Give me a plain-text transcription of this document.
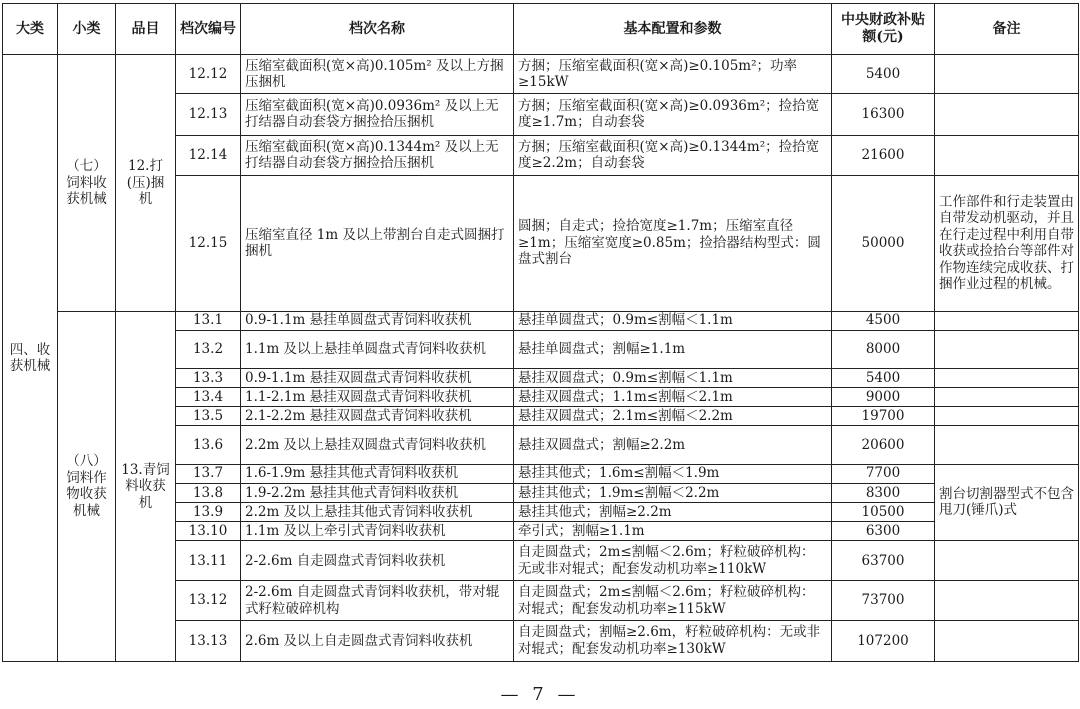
大类	小类	品目	档次编号	档次名称	基本配置和参数	中央财政补贴额(元)	备注
四、收获机械	（七）饲料收获机械	12.打(压)捆机	12.12	压缩室截面积(宽×高)0.105m² 及以上方捆压捆机	方捆；压缩室截面积(宽×高)≥0.105m²；功率≥15kW	5400	
			12.13	压缩室截面积(宽×高)0.0936m² 及以上无打结器自动套袋方捆捡拾压捆机	方捆；压缩室截面积(宽×高)≥0.0936m²；捡拾宽度≥1.7m；自动套袋	16300	
			12.14	压缩室截面积(宽×高)0.1344m² 及以上无打结器自动套袋方捆捡拾压捆机	方捆；压缩室截面积(宽×高)≥0.1344m²；捡拾宽度≥2.2m；自动套袋	21600	
			12.15	压缩室直径 1m 及以上带割台自走式圆捆打捆机	圆捆；自走式；捡拾宽度≥1.7m；压缩室直径≥1m；压缩室宽度≥0.85m；捡拾器结构型式：圆盘式割台	50000	工作部件和行走装置由自带发动机驱动，并且在行走过程中利用自带收获或捡拾台等部件对作物连续完成收获、打捆作业过程的机械。
	（八）饲料作物收获机械	13.青饲料收获机	13.1	0.9-1.1m 悬挂单圆盘式青饲料收获机	悬挂单圆盘式；0.9m≤割幅＜1.1m	4500	
			13.2	1.1m 及以上悬挂单圆盘式青饲料收获机	悬挂单圆盘式；割幅≥1.1m	8000	
			13.3	0.9-1.1m 悬挂双圆盘式青饲料收获机	悬挂双圆盘式；0.9m≤割幅＜1.1m	5400	
			13.4	1.1-2.1m 悬挂双圆盘式青饲料收获机	悬挂双圆盘式；1.1m≤割幅＜2.1m	9000	
			13.5	2.1-2.2m 悬挂双圆盘式青饲料收获机	悬挂双圆盘式；2.1m≤割幅＜2.2m	19700	
			13.6	2.2m 及以上悬挂双圆盘式青饲料收获机	悬挂双圆盘式；割幅≥2.2m	20600	
			13.7	1.6-1.9m 悬挂其他式青饲料收获机	悬挂其他式；1.6m≤割幅＜1.9m	7700	割台切割器型式不包含甩刀(锤爪)式
			13.8	1.9-2.2m 悬挂其他式青饲料收获机	悬挂其他式；1.9m≤割幅＜2.2m	8300	
			13.9	2.2m 及以上悬挂其他式青饲料收获机	悬挂其他式；割幅≥2.2m	10500	
			13.10	1.1m 及以上牵引式青饲料收获机	牵引式；割幅≥1.1m	6300	
			13.11	2-2.6m 自走圆盘式青饲料收获机	自走圆盘式；2m≤割幅＜2.6m；籽粒破碎机构：无或非对辊式；配套发动机功率≥110kW	63700	
			13.12	2-2.6m 自走圆盘式青饲料收获机，带对辊式籽粒破碎机构	自走圆盘式；2m≤割幅＜2.6m；籽粒破碎机构：对辊式；配套发动机功率≥115kW	73700	
			13.13	2.6m 及以上自走圆盘式青饲料收获机	自走圆盘式；割幅≥2.6m，籽粒破碎机构：无或非对辊式；配套发动机功率≥130kW	107200	
— 7 —
